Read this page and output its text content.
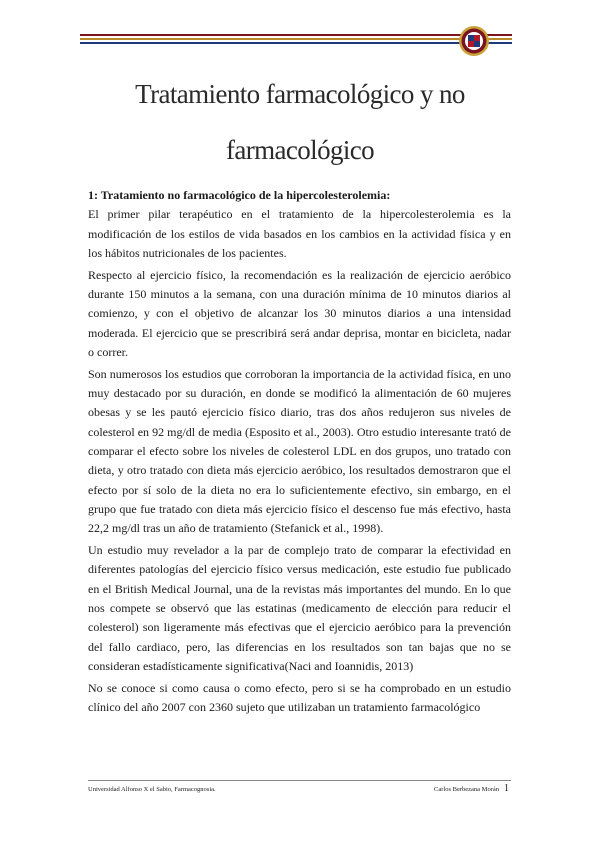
Tratamiento farmacológico y no
farmacológico
1: Tratamiento no farmacológico de la hipercolesterolemia:

El primer pilar terapéutico en el tratamiento de la hipercolesterolemia es la modificación de los estilos de vida basados en los cambios en la actividad física y en los hábitos nutricionales de los pacientes.

Respecto al ejercicio físico, la recomendación es la realización de ejercicio aeróbico durante 150 minutos a la semana, con una duración mínima de 10 minutos diarios al comienzo, y con el objetivo de alcanzar los 30 minutos diarios a una intensidad moderada. El ejercicio que se prescribirá será andar deprisa, montar en bicicleta, nadar o correr.

Son numerosos los estudios que corroboran la importancia de la actividad física, en uno muy destacado por su duración, en donde se modificó la alimentación de 60 mujeres obesas y se les pautó ejercicio físico diario, tras dos años redujeron sus niveles de colesterol en 92 mg/dl de media (Esposito et al., 2003). Otro estudio interesante trató de comparar el efecto sobre los niveles de colesterol LDL en dos grupos, uno tratado con dieta, y otro tratado con dieta más ejercicio aeróbico, los resultados demostraron que el efecto por sí solo de la dieta no era lo suficientemente efectivo, sin embargo, en el grupo que fue tratado con dieta más ejercicio físico el descenso fue más efectivo, hasta 22,2 mg/dl tras un año de tratamiento (Stefanick et al., 1998).

Un estudio muy revelador a la par de complejo trato de comparar la efectividad en diferentes patologías del ejercicio físico versus medicación, este estudio fue publicado en el British Medical Journal, una de la revistas más importantes del mundo. En lo que nos compete se observó que las estatinas (medicamento de elección para reducir el colesterol) son ligeramente más efectivas que el ejercicio aeróbico para la prevención del fallo cardiaco, pero, las diferencias en los resultados son tan bajas que no se consideran estadísticamente significativa(Naci and Ioannidis, 2013)

No se conoce si como causa o como efecto, pero si se ha comprobado en un estudio clínico del año 2007 con 2360 sujeto que utilizaban un tratamiento farmacológico

Universidad Alfonso X el Sabio, Farmacognosia.	Carlos Berbezana Morán 1
